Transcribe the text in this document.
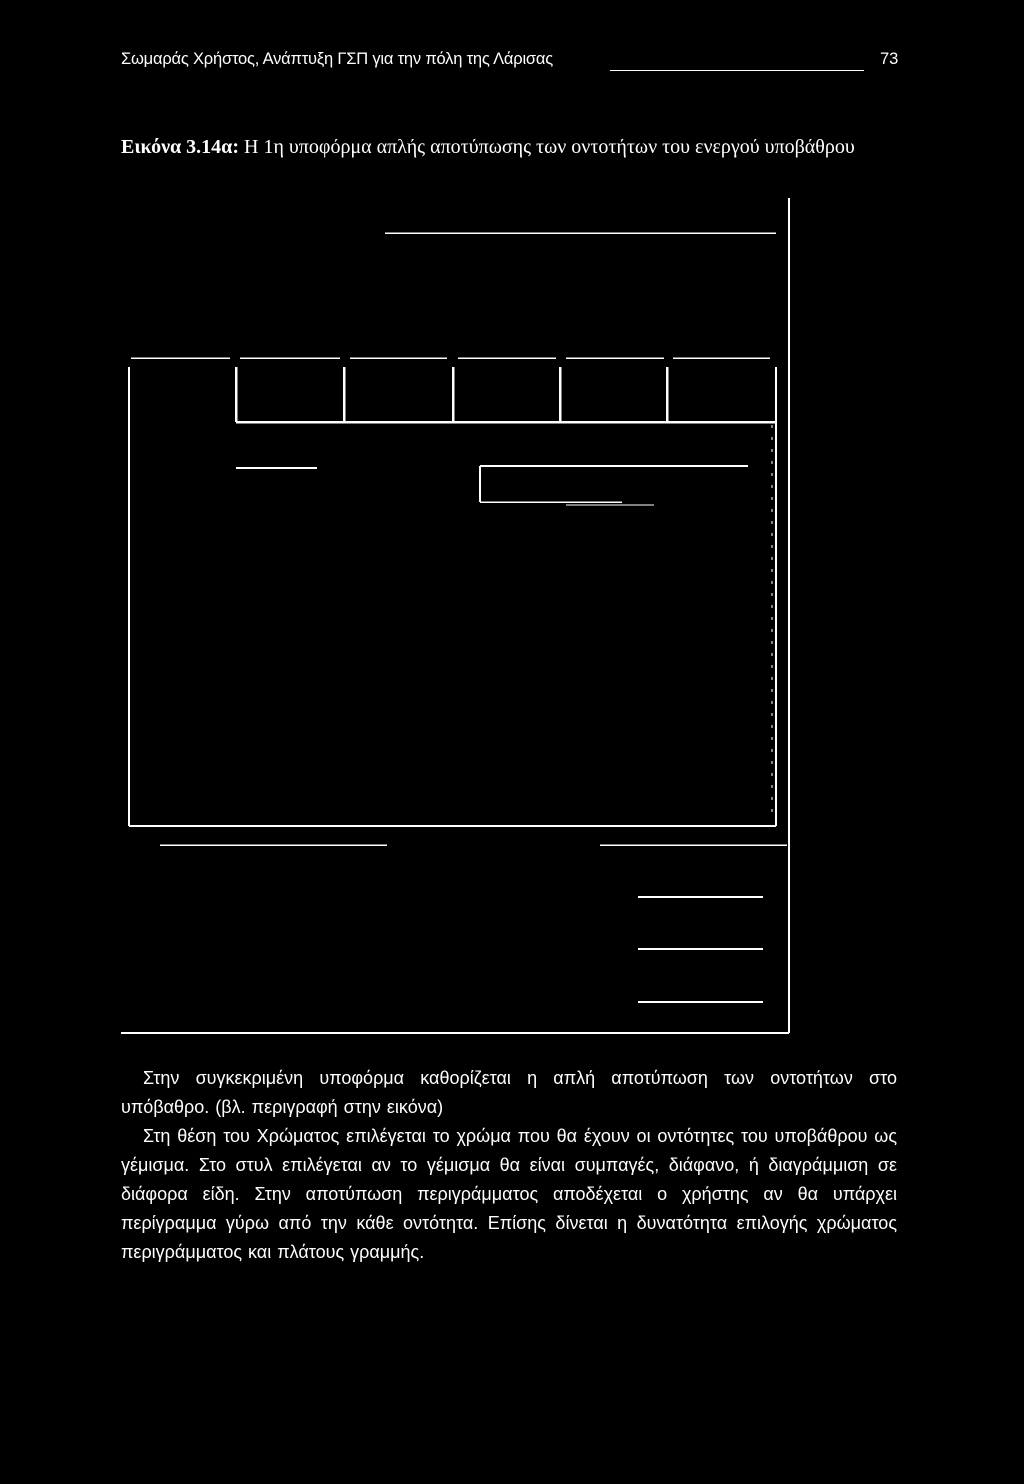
Σωμαράς Χρήστος, Ανάπτυξη ΓΣΠ για την πόλη της Λάρισας	73
Εικόνα 3.14α: Η 1η υποφόρμα απλής αποτύπωσης των οντοτήτων του ενεργού υποβάθρου

Στην συγκεκριμένη υποφόρμα καθορίζεται η απλή αποτύπωση των οντοτήτων στο υπόβαθρο. (βλ. περιγραφή στην εικόνα)

Στη θέση του Χρώματος επιλέγεται το χρώμα που θα έχουν οι οντότητες του υποβάθρου ως γέμισμα. Στο στυλ επιλέγεται αν το γέμισμα θα είναι συμπαγές, διάφανο, ή διαγράμμιση σε διάφορα είδη. Στην αποτύπωση περιγράμματος αποδέχεται ο χρήστης αν θα υπάρχει περίγραμμα γύρω από την κάθε οντότητα. Επίσης δίνεται η δυνατότητα επιλογής χρώματος περιγράμματος και πλάτους γραμμής.
